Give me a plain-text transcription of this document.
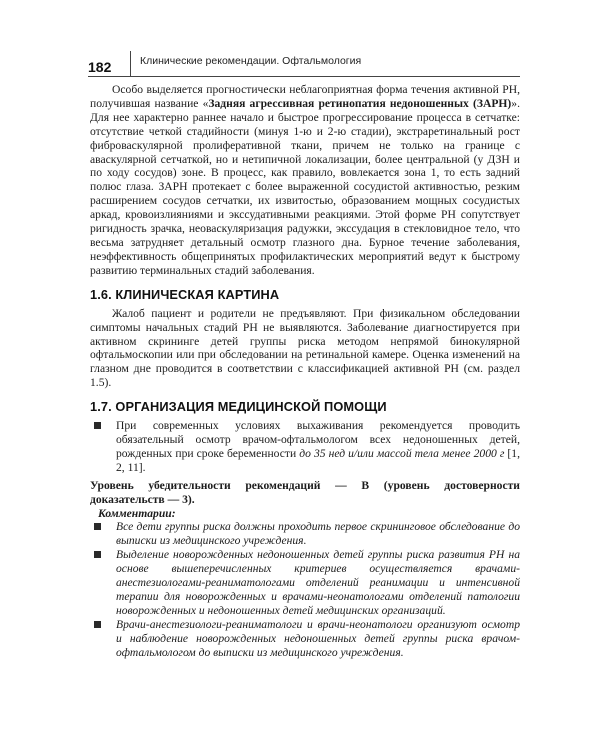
182	Клинические рекомендации. Офтальмология

Особо выделяется прогностически неблагоприятная форма течения активной РН, получившая название «Задняя агрессивная ретинопатия недоношенных (ЗАРН)». Для нее характерно раннее начало и быстрое прогрессирование процесса в сетчатке: отсутствие четкой стадийности (минуя 1-ю и 2-ю стадии), экстраретинальный рост фиброваскулярной пролиферативной ткани, причем не только на границе с аваскулярной сетчаткой, но и нетипичной локализации, более центральной (у ДЗН и по ходу сосудов) зоне. В процесс, как правило, вовлекается зона 1, то есть задний полюс глаза. ЗАРН протекает с более выраженной сосудистой активностью, резким расширением сосудов сетчатки, их извитостью, образованием мощных сосудистых аркад, кровоизлияниями и экссудативными реакциями. Этой форме РН сопутствует ригидность зрачка, неоваскуляризация радужки, экссудация в стекловидное тело, что весьма затрудняет детальный осмотр глазного дна. Бурное течение заболевания, неэффективность общепринятых профилактических мероприятий ведут к быстрому развитию терминальных стадий заболевания.

1.6. КЛИНИЧЕСКАЯ КАРТИНА

Жалоб пациент и родители не предъявляют. При физикальном обследовании симптомы начальных стадий РН не выявляются. Заболевание диагностируется при активном скрининге детей группы риска методом непрямой бинокулярной офтальмоскопии или при обследовании на ретинальной камере. Оценка изменений на глазном дне проводится в соответствии с классификацией активной РН (см. раздел 1.5).

1.7. ОРГАНИЗАЦИЯ МЕДИЦИНСКОЙ ПОМОЩИ
При современных условиях выхаживания рекомендуется проводить обязательный осмотр врачом-офтальмологом всех недоношенных детей, рожденных при сроке беременности до 35 нед и/или массой тела менее 2000 г [1, 2, 11].

Уровень убедительности рекомендаций — В (уровень достоверности доказательств — 3).

Комментарии:

Все дети группы риска должны проходить первое скрининговое обследование до выписки из медицинского учреждения.
Выделение новорожденных недоношенных детей группы риска развития РН на основе вышеперечисленных критериев осуществляется врачами-анестезиологами-реаниматологами отделений реанимации и интенсивной терапии для новорожденных и врачами-неонатологами отделений патологии новорожденных и недоношенных детей медицинских организаций.
Врачи-анестезиологи-реаниматологи и врачи-неонатологи организуют осмотр и наблюдение новорожденных недоношенных детей группы риска врачом-офтальмологом до выписки из медицинского учреждения.
